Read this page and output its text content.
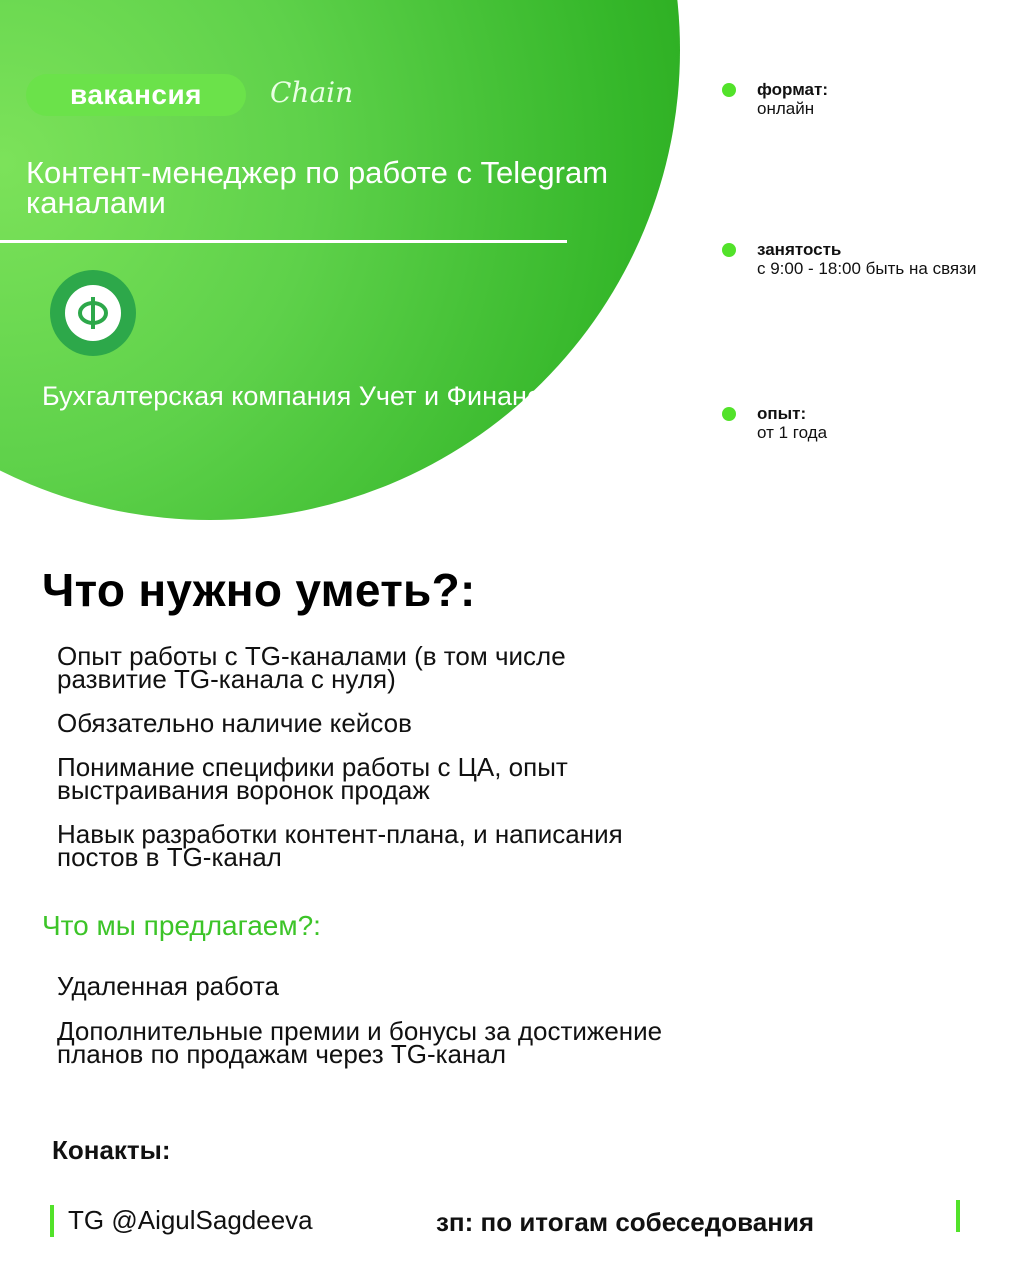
вакансия	Chain
Контент-менеджер по работе с Telegram каналами
Бухгалтерская компания Учет и Финансы
формат:
онлайн
занятость
с 9:00 - 18:00 быть на связи
опыт:
от 1 года
Что нужно уметь?:
Опыт работы с TG-каналами (в том числе развитие TG-канала с нуля)
Обязательно наличие кейсов
Понимание специфики работы с ЦА, опыт выстраивания воронок продаж
Навык разработки контент-плана, и написания постов в TG-канал
Что мы предлагаем?:
Удаленная работа
Дополнительные премии и бонусы за достижение планов по продажам через TG-канал
Конакты:
TG @AigulSagdeeva	зп: по итогам собеседования
